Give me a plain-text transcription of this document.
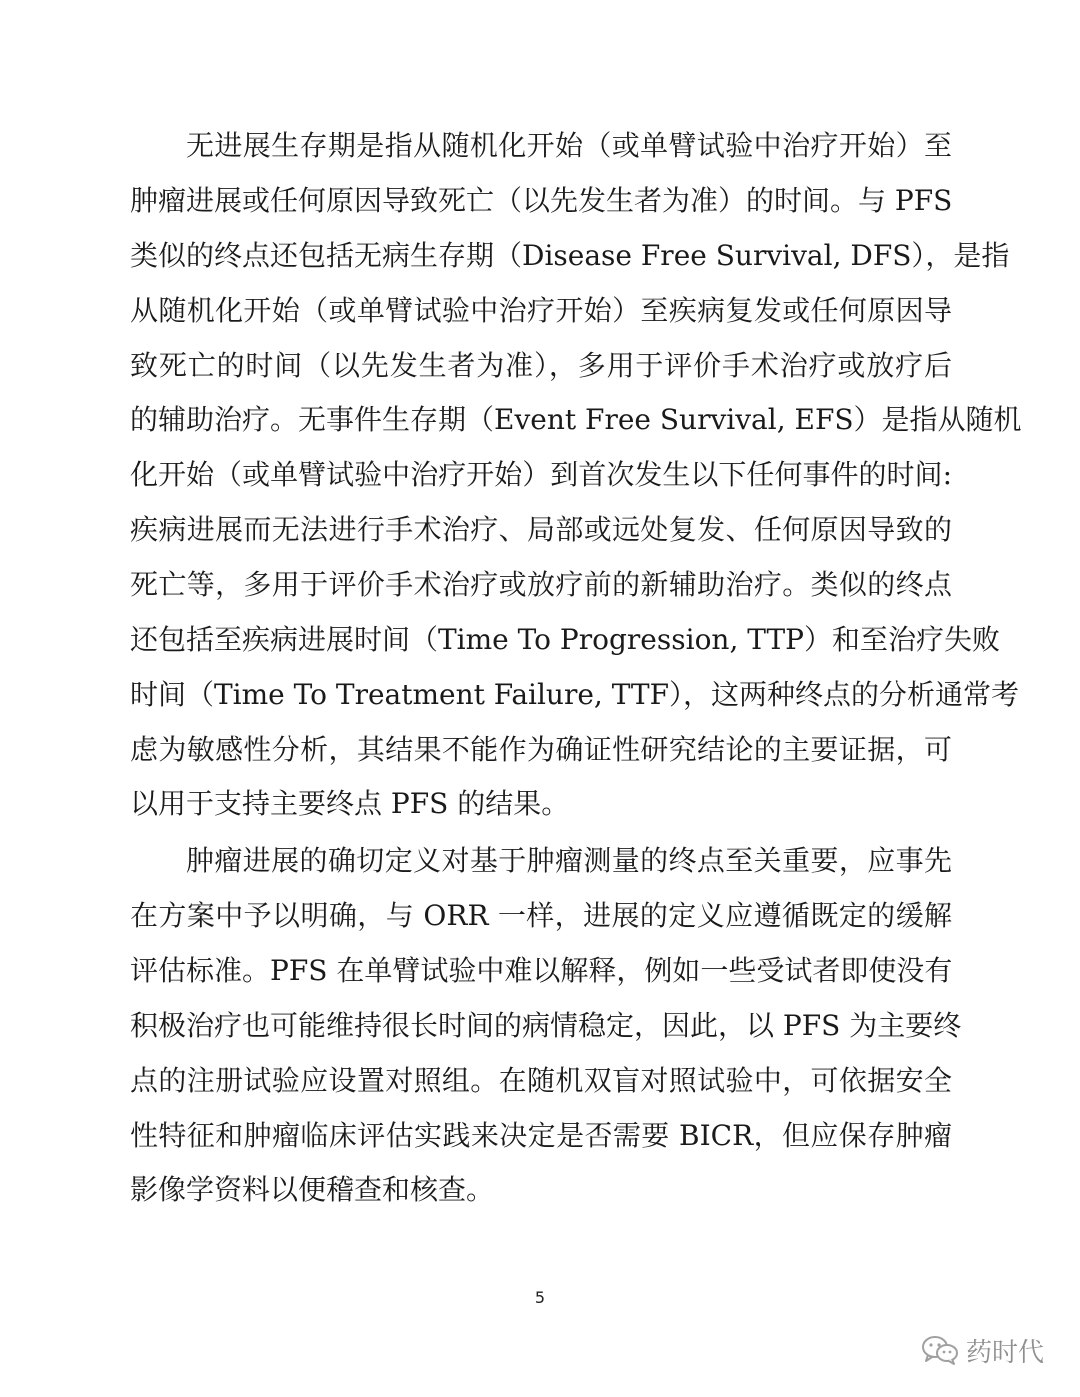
无进展生存期是指从随机化开始（或单臂试验中治疗开始）至
肿瘤进展或任何原因导致死亡（以先发生者为准）的时间。与 PFS
类似的终点还包括无病生存期（Disease Free Survival, DFS），是指
从随机化开始（或单臂试验中治疗开始）至疾病复发或任何原因导
致死亡的时间（以先发生者为准），多用于评价手术治疗或放疗后
的辅助治疗。无事件生存期（Event Free Survival, EFS）是指从随机
化开始（或单臂试验中治疗开始）到首次发生以下任何事件的时间:
疾病进展而无法进行手术治疗、局部或远处复发、任何原因导致的
死亡等，多用于评价手术治疗或放疗前的新辅助治疗。类似的终点
还包括至疾病进展时间（Time To Progression, TTP）和至治疗失败
时间（Time To Treatment Failure, TTF），这两种终点的分析通常考
虑为敏感性分析，其结果不能作为确证性研究结论的主要证据，可
以用于支持主要终点 PFS 的结果。
肿瘤进展的确切定义对基于肿瘤测量的终点至关重要，应事先
在方案中予以明确，与 ORR 一样，进展的定义应遵循既定的缓解
评估标准。PFS 在单臂试验中难以解释，例如一些受试者即使没有
积极治疗也可能维持很长时间的病情稳定，因此，以 PFS 为主要终
点的注册试验应设置对照组。在随机双盲对照试验中，可依据安全
性特征和肿瘤临床评估实践来决定是否需要 BICR，但应保存肿瘤
影像学资料以便稽查和核查。
5
药时代
